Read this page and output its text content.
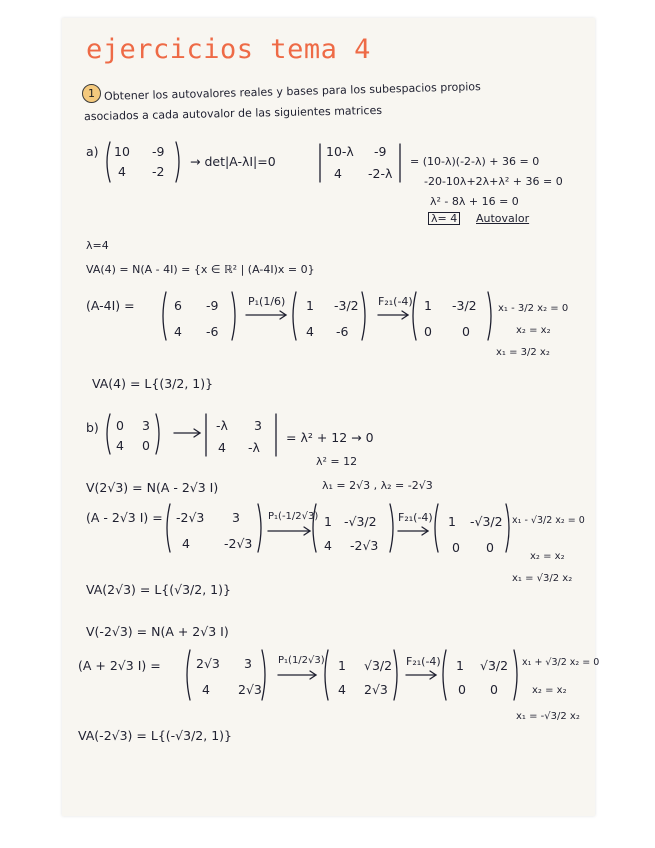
ejercicios tema 4
1 Obtener los autovalores reales y bases para los subespacios propios
asociados a cada autovalor de las siguientes matrices
a) 10 -9
4 -2
→ det|A-λI|=0
10-λ -9
4 -2-λ
= (10-λ)(-2-λ) + 36 = 0
-20-10λ+2λ+λ² + 36 = 0
λ² - 8λ + 16 = 0
λ= 4 Autovalor
λ=4
VA(4) = N(A - 4I) = {x ∈ ℝ² | (A-4I)x = 0}
(A-4I) =	6 -9
4 -6
P₁(1/6) 1 -3/2
4 -6
F₂₁(-4) 1 -3/2
0 0
x₁ - 3/2 x₂ = 0
x₂ = x₂
x₁ = 3/2 x₂
VA(4) = L{(3/2, 1)}
b) 0 3
4 0
-λ 3
4 -λ
= λ² + 12 → 0
λ² = 12
λ₁ = 2√3 , λ₂ = -2√3
V(2√3) = N(A - 2√3 I)
(A - 2√3 I) = -2√3 3
4	-2√3
P₁(-1/2√3) 1 -√3/2
4 -2√3
F₂₁(-4) 1 -√3/2
0 0
x₁ - √3/2 x₂ = 0
x₂ = x₂
x₁ = √3/2 x₂
VA(2√3) = L{(√3/2, 1)}
V(-2√3) = N(A + 2√3 I)
(A + 2√3 I) =	2√3 3
4 2√3
P₁(1/2√3) 1 √3/2
4 2√3
F₂₁(-4) 1 √3/2
0 0
x₁ + √3/2 x₂ = 0
x₂ = x₂
x₁ = -√3/2 x₂
VA(-2√3) = L{(-√3/2, 1)}
